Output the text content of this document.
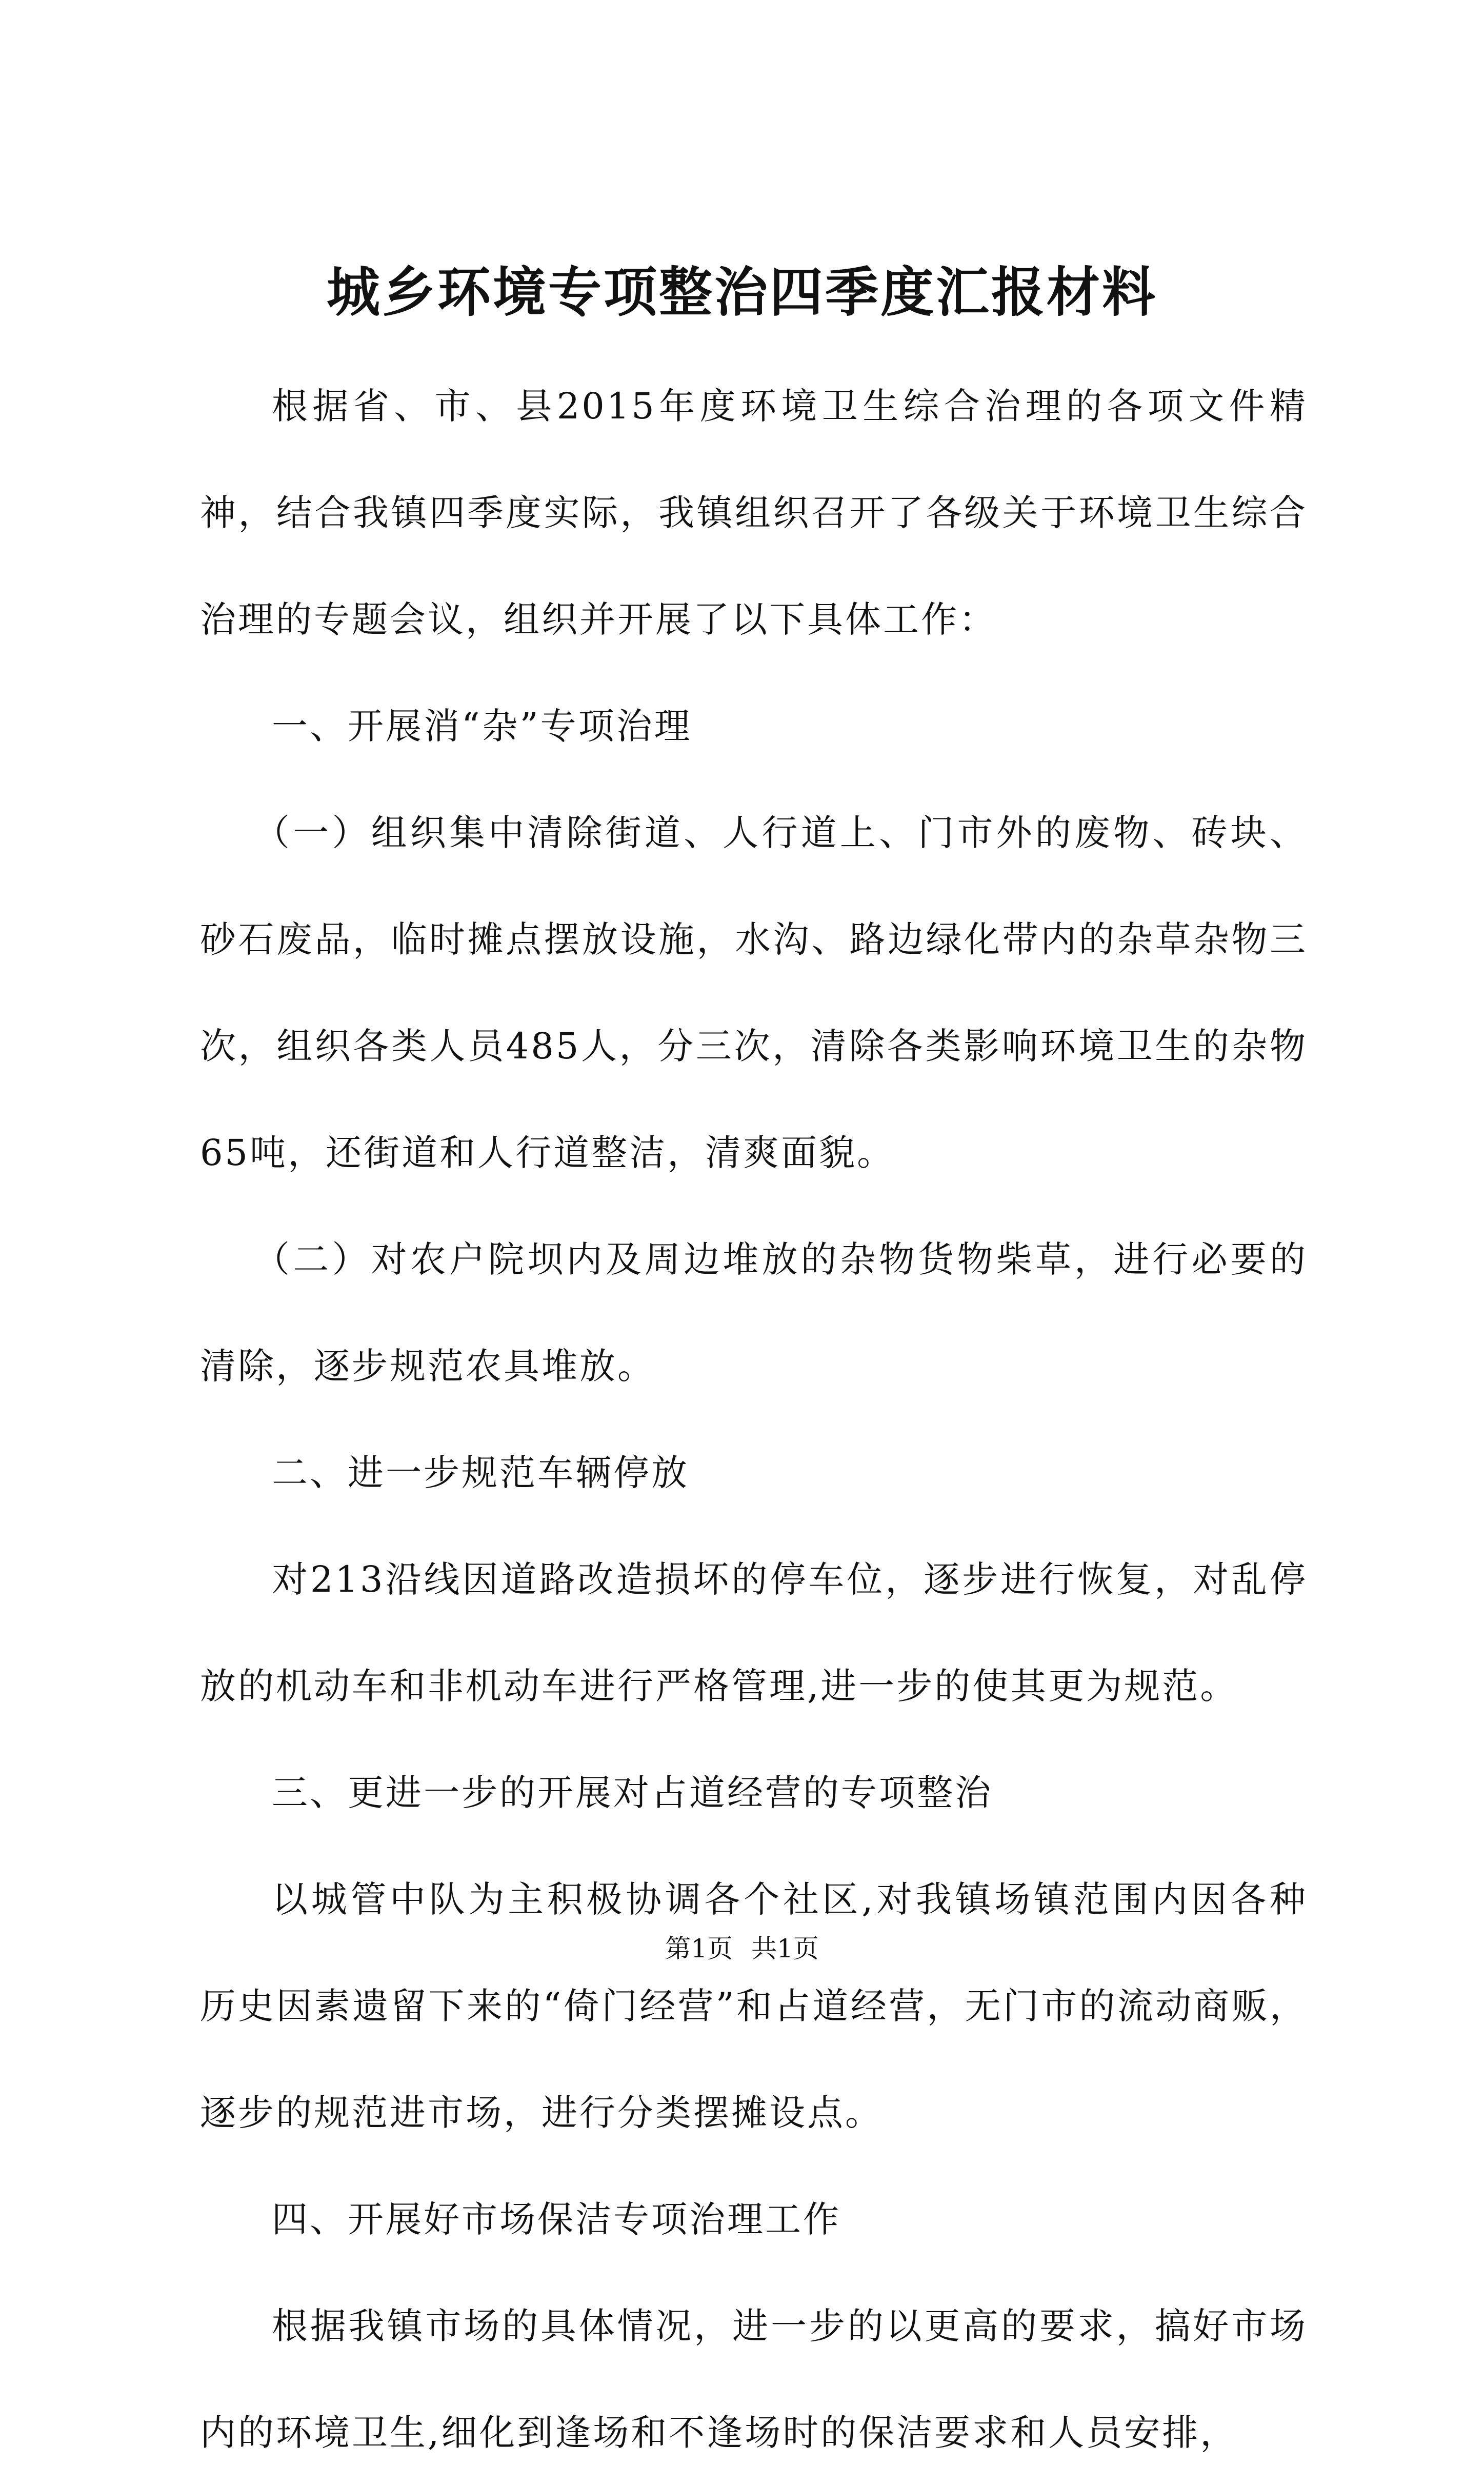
城乡环境专项整治四季度汇报材料

根据省、市、县2015年度环境卫生综合治理的各项文件精神，结合我镇四季度实际，我镇组织召开了各级关于环境卫生综合治理的专题会议，组织并开展了以下具体工作：

一、开展消“杂”专项治理

（一）组织集中清除街道、人行道上、门市外的废物、砖块、砂石废品，临时摊点摆放设施，水沟、路边绿化带内的杂草杂物三次，组织各类人员485人，分三次，清除各类影响环境卫生的杂物65吨，还街道和人行道整洁，清爽面貌。

（二）对农户院坝内及周边堆放的杂物货物柴草，进行必要的清除，逐步规范农具堆放。

二、进一步规范车辆停放

对213沿线因道路改造损坏的停车位，逐步进行恢复，对乱停放的机动车和非机动车进行严格管理,进一步的使其更为规范。

三、更进一步的开展对占道经营的专项整治

以城管中队为主积极协调各个社区,对我镇场镇范围内因各种历史因素遗留下来的“倚门经营”和占道经营，无门市的流动商贩，逐步的规范进市场，进行分类摆摊设点。

四、开展好市场保洁专项治理工作

根据我镇市场的具体情况，进一步的以更高的要求，搞好市场内的环境卫生,细化到逢场和不逢场时的保洁要求和人员安排，

第1页 共1页
